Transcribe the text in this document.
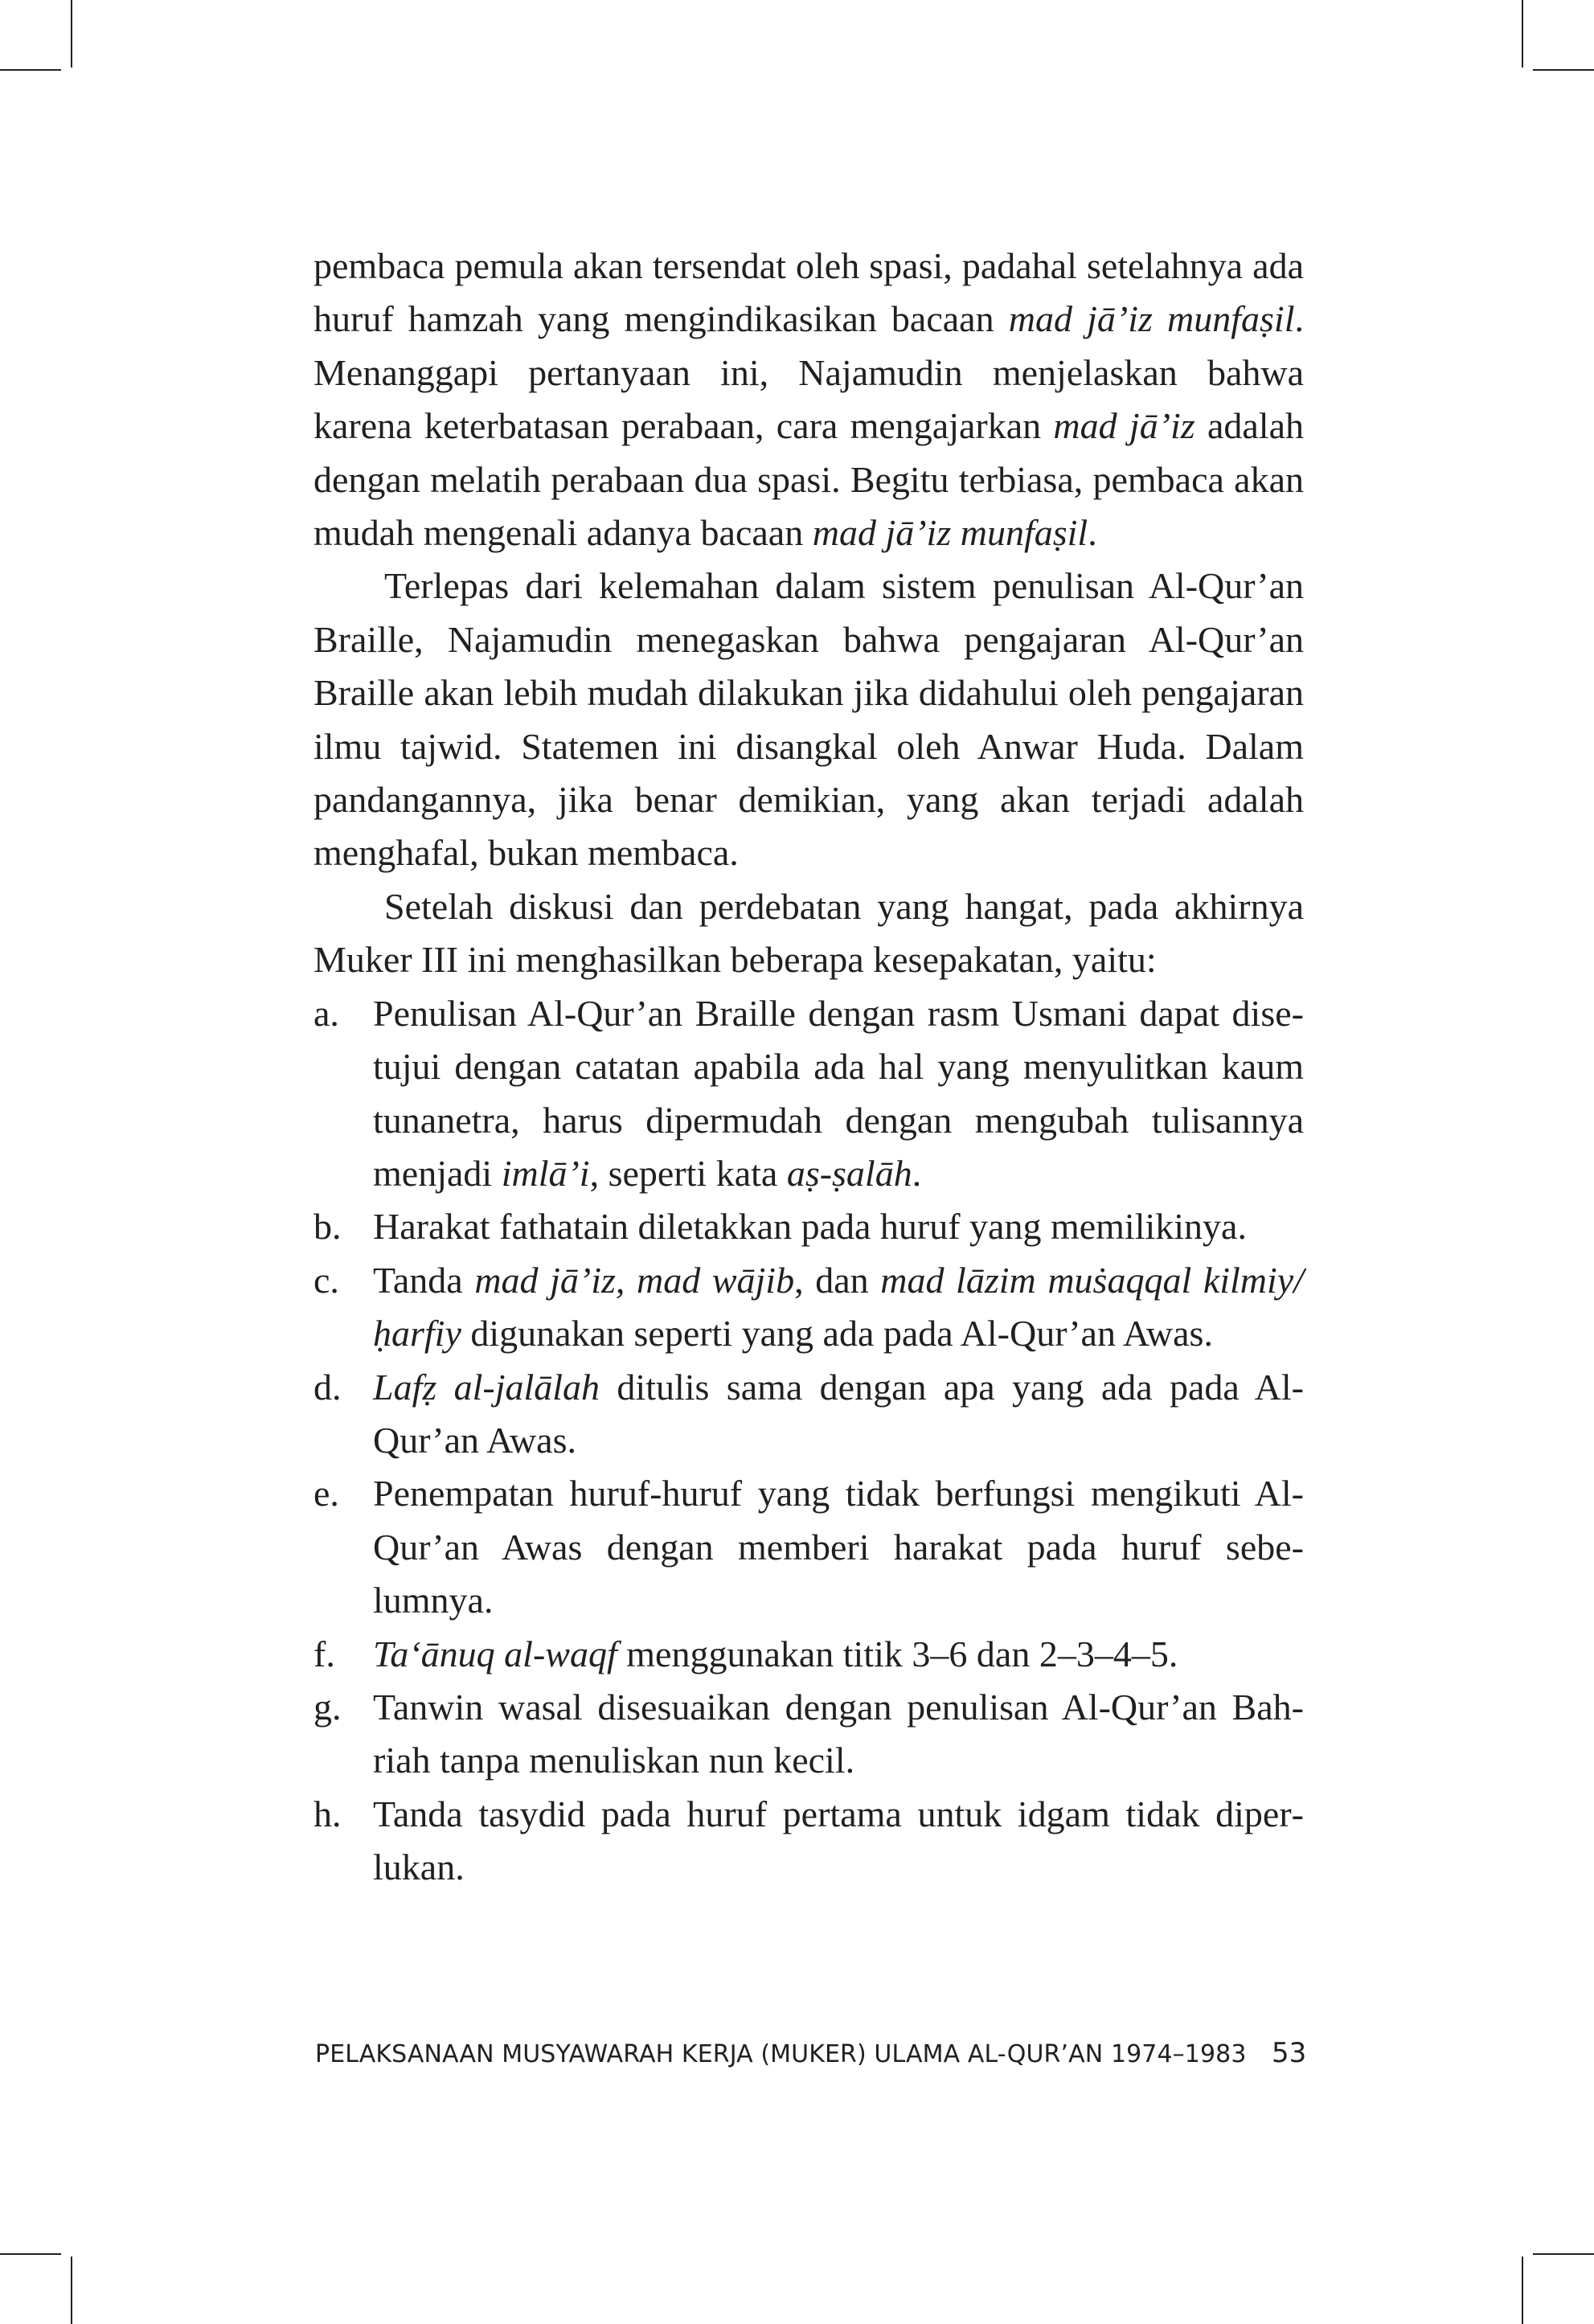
pembaca pemula akan tersendat oleh spasi, padahal setelahnya ada huruf hamzah yang mengindikasikan bacaan mad jā’iz munfaṣil. Menanggapi pertanyaan ini, Najamudin menjelaskan bahwa karena keterbatasan perabaan, cara mengajarkan mad jā’iz adalah dengan melatih perabaan dua spasi. Begitu terbiasa, pembaca akan mudah mengenali adanya bacaan mad jā’iz munfaṣil.

Terlepas dari kelemahan dalam sistem penulisan Al-Qur’an Braille, Najamudin menegaskan bahwa pengajaran Al-Qur’an Braille akan lebih mudah dilakukan jika didahului oleh pengajaran ilmu tajwid. Statemen ini disangkal oleh Anwar Huda. Dalam pandangannya, jika benar demikian, yang akan terjadi adalah menghafal, bukan membaca.

Setelah diskusi dan perdebatan yang hangat, pada akhirnya Muker III ini menghasilkan beberapa kesepakatan, yaitu:

a. Penulisan Al-Qur’an Braille dengan rasm Usmani dapat disetujui dengan catatan apabila ada hal yang menyulitkan kaum tunanetra, harus dipermudah dengan mengubah tulisannya menjadi imlā’i, seperti kata aṣ-ṣalāh.
b. Harakat fathatain diletakkan pada huruf yang memilikinya.
c. Tanda mad jā’iz, mad wājib, dan mad lāzim muṡaqqal kilmiy/ ḥarfiy digunakan seperti yang ada pada Al-Qur’an Awas.
d. Lafẓ al-jalālah ditulis sama dengan apa yang ada pada Al-Qur’an Awas.
e. Penempatan huruf-huruf yang tidak berfungsi mengikuti Al-Qur’an Awas dengan memberi harakat pada huruf sebelumnya.
f. Ta‘ānuq al-waqf menggunakan titik 3–6 dan 2–3–4–5.
g. Tanwin wasal disesuaikan dengan penulisan Al-Qur’an Bahriah tanpa menuliskan nun kecil.
h. Tanda tasydid pada huruf pertama untuk idgam tidak diperlukan.
PELAKSANAAN MUSYAWARAH KERJA (MUKER) ULAMA AL-QUR’AN 1974–1983 53
